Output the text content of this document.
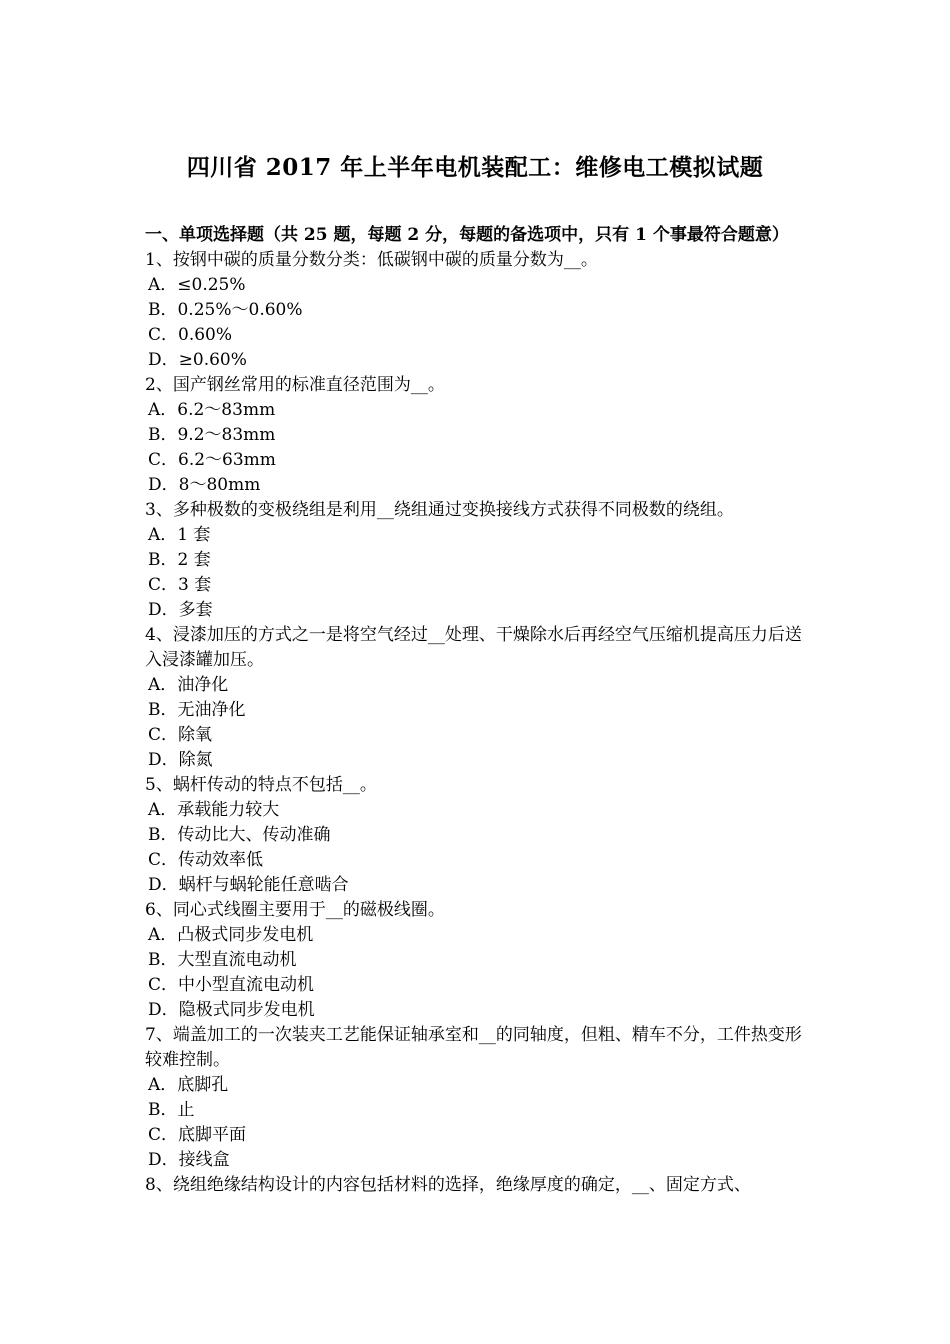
四川省 2017 年上半年电机装配工：维修电工模拟试题

一、单项选择题（共 25 题，每题 2 分，每题的备选项中，只有 1 个事最符合题意）

1、按钢中碳的质量分数分类：低碳钢中碳的质量分数为__。

A．≤0.25%

B．0.25%～0.60%

C．0.60%

D．≥0.60%

2、国产钢丝常用的标准直径范围为__。

A．6.2～83mm

B．9.2～83mm

C．6.2～63mm

D．8～80mm

3、多种极数的变极绕组是利用__绕组通过变换接线方式获得不同极数的绕组。

A．1 套

B．2 套

C．3 套

D．多套

4、浸漆加压的方式之一是将空气经过__处理、干燥除水后再经空气压缩机提高压力后送入浸漆罐加压。

A．油净化

B．无油净化

C．除氧

D．除氮

5、蜗杆传动的特点不包括__。

A．承载能力较大

B．传动比大、传动准确

C．传动效率低

D．蜗杆与蜗轮能任意啮合

6、同心式线圈主要用于__的磁极线圈。

A．凸极式同步发电机

B．大型直流电动机

C．中小型直流电动机

D．隐极式同步发电机

7、端盖加工的一次装夹工艺能保证轴承室和__的同轴度，但粗、精车不分，工件热变形较难控制。

A．底脚孔

B．止

C．底脚平面

D．接线盒

8、绕组绝缘结构设计的内容包括材料的选择，绝缘厚度的确定，__、固定方式、
